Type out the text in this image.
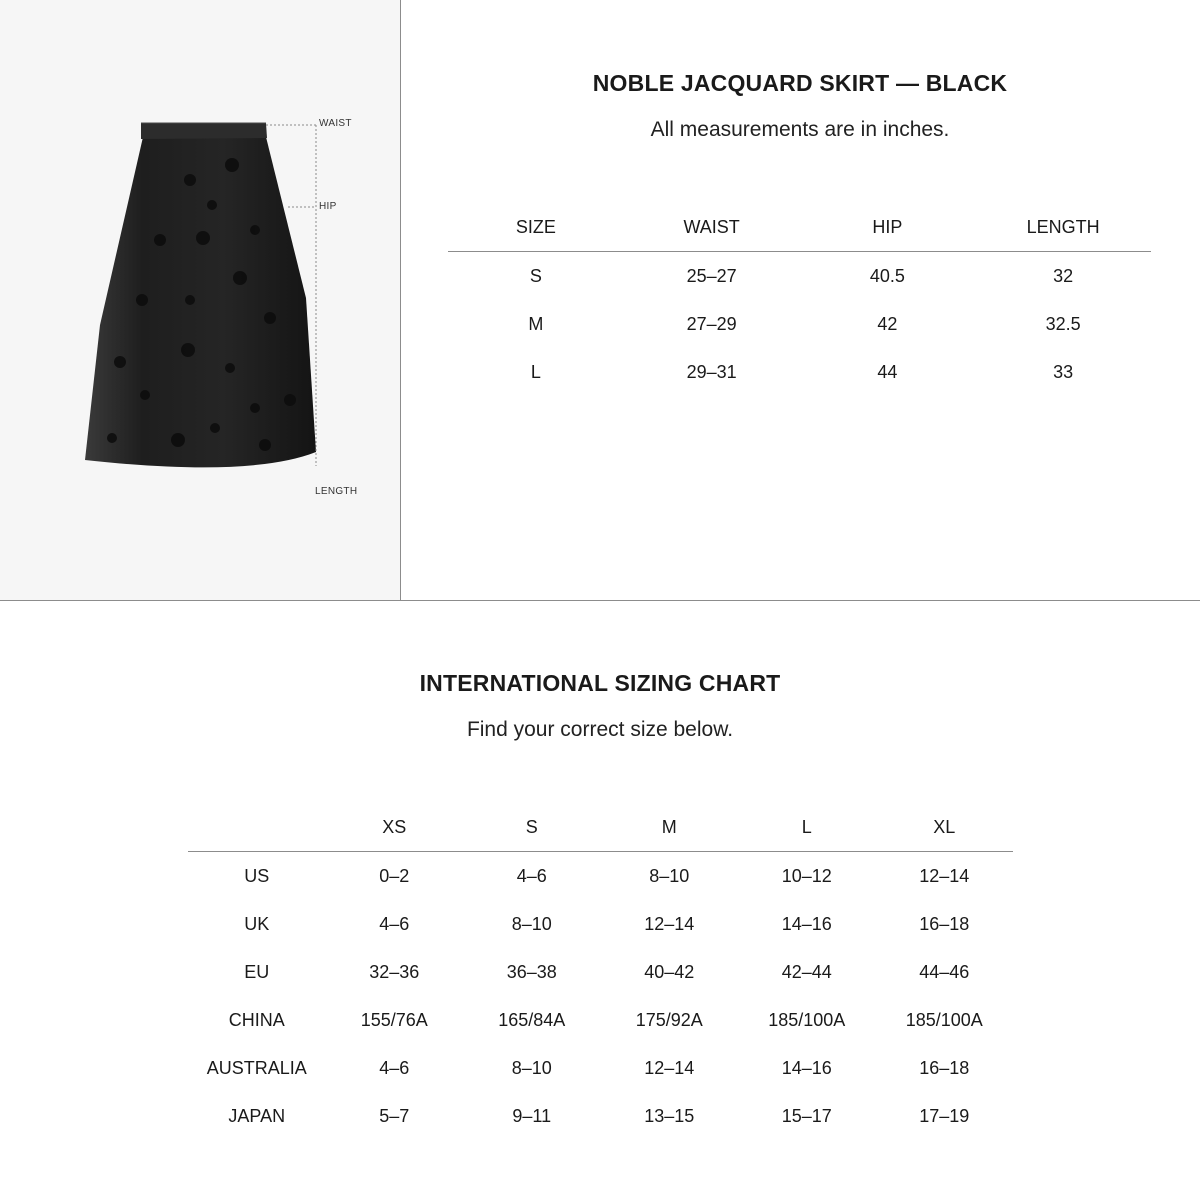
WAIST
HIP
LENGTH
NOBLE JACQUARD SKIRT — BLACK
All measurements are in inches.
SIZE	WAIST	HIP	LENGTH
S	25–27	40.5	32
M	27–29	42	32.5
L	29–31	44	33
INTERNATIONAL SIZING CHART
Find your correct size below.
	XS	S	M	L	XL
US	0–2	4–6	8–10	10–12	12–14
UK	4–6	8–10	12–14	14–16	16–18
EU	32–36	36–38	40–42	42–44	44–46
CHINA	155/76A	165/84A	175/92A	185/100A	185/100A
AUSTRALIA	4–6	8–10	12–14	14–16	16–18
JAPAN	5–7	9–11	13–15	15–17	17–19
